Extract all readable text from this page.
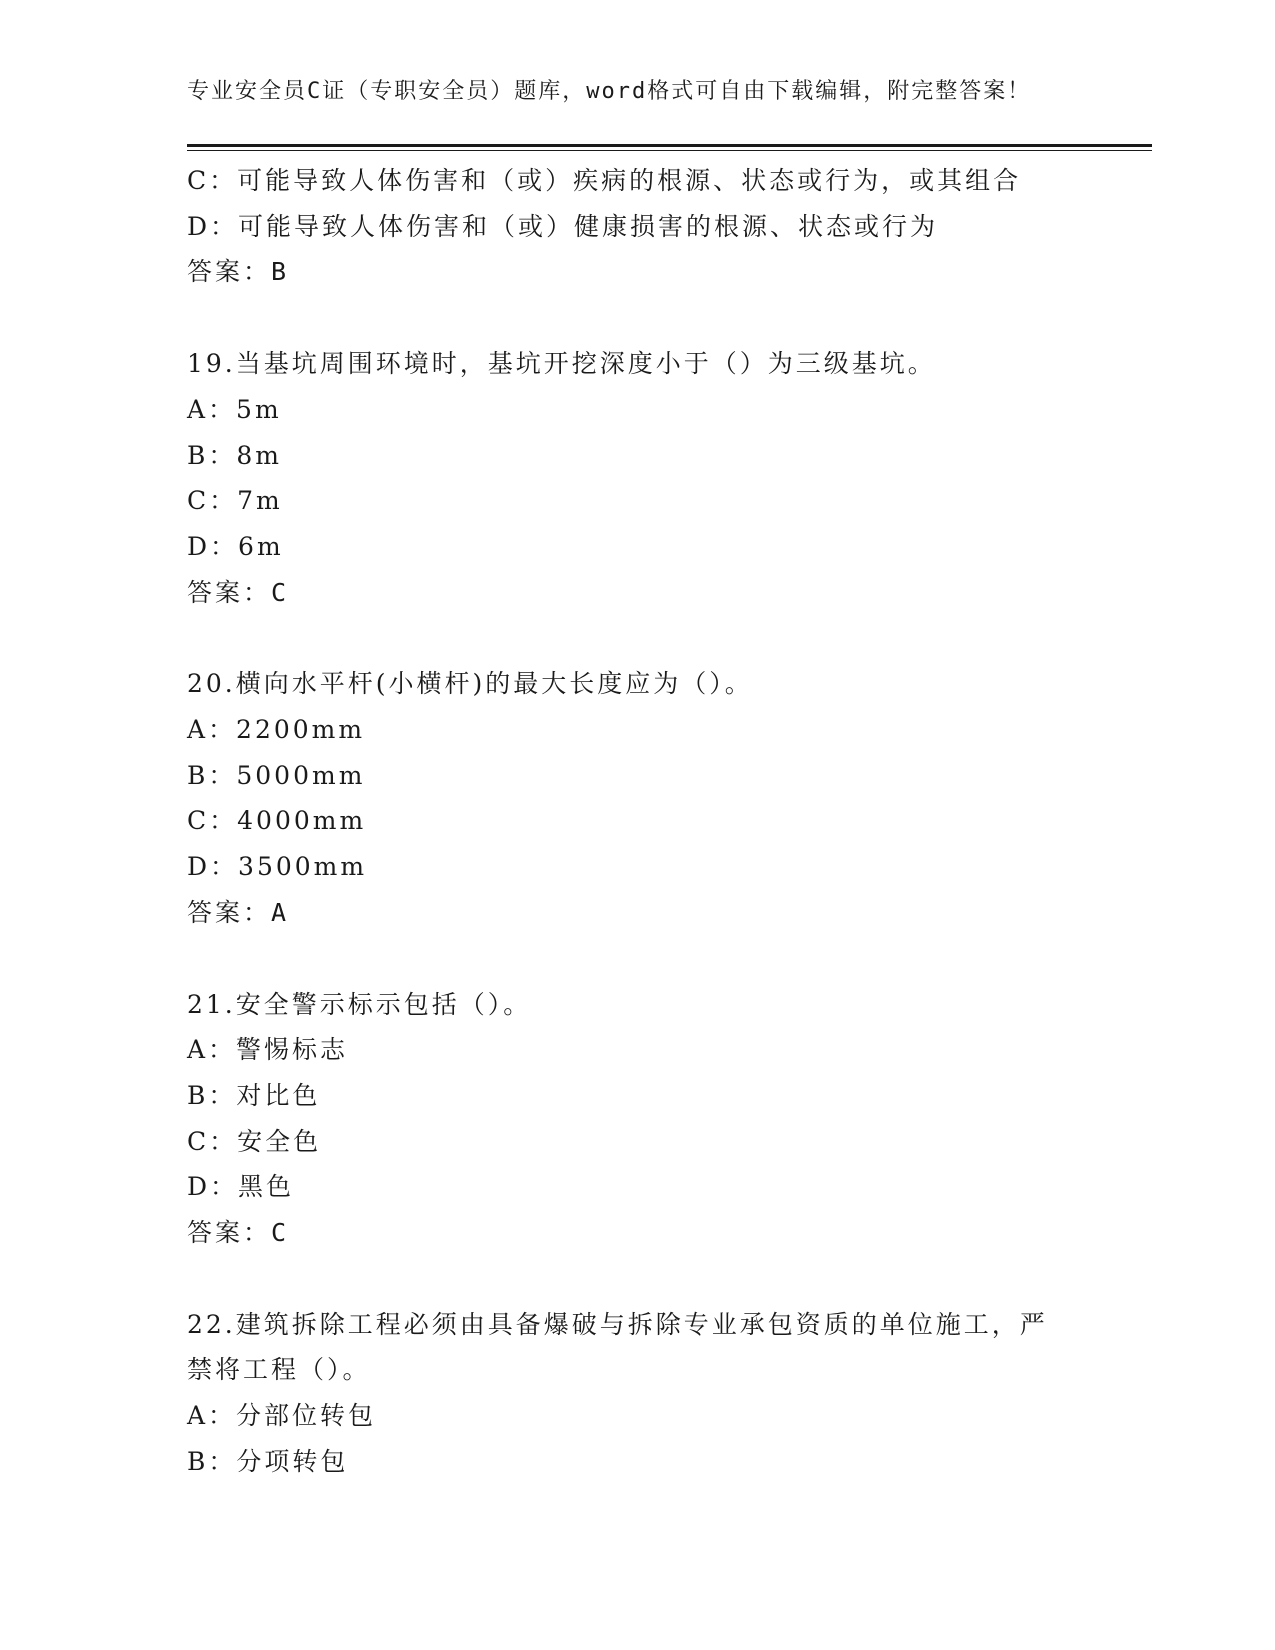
专业安全员C证（专职安全员）题库，word格式可自由下载编辑，附完整答案！
C：可能导致人体伤害和（或）疾病的根源、状态或行为，或其组合
D：可能导致人体伤害和（或）健康损害的根源、状态或行为
答案：B
19.当基坑周围环境时，基坑开挖深度小于（）为三级基坑。
A：5m
B：8m
C：7m
D：6m
答案：C
20.横向水平杆(小横杆)的最大长度应为（）。
A：2200mm
B：5000mm
C：4000mm
D：3500mm
答案：A
21.安全警示标示包括（）。
A：警惕标志
B：对比色
C：安全色
D：黑色
答案：C
22.建筑拆除工程必须由具备爆破与拆除专业承包资质的单位施工，严
禁将工程（）。
A：分部位转包
B：分项转包
